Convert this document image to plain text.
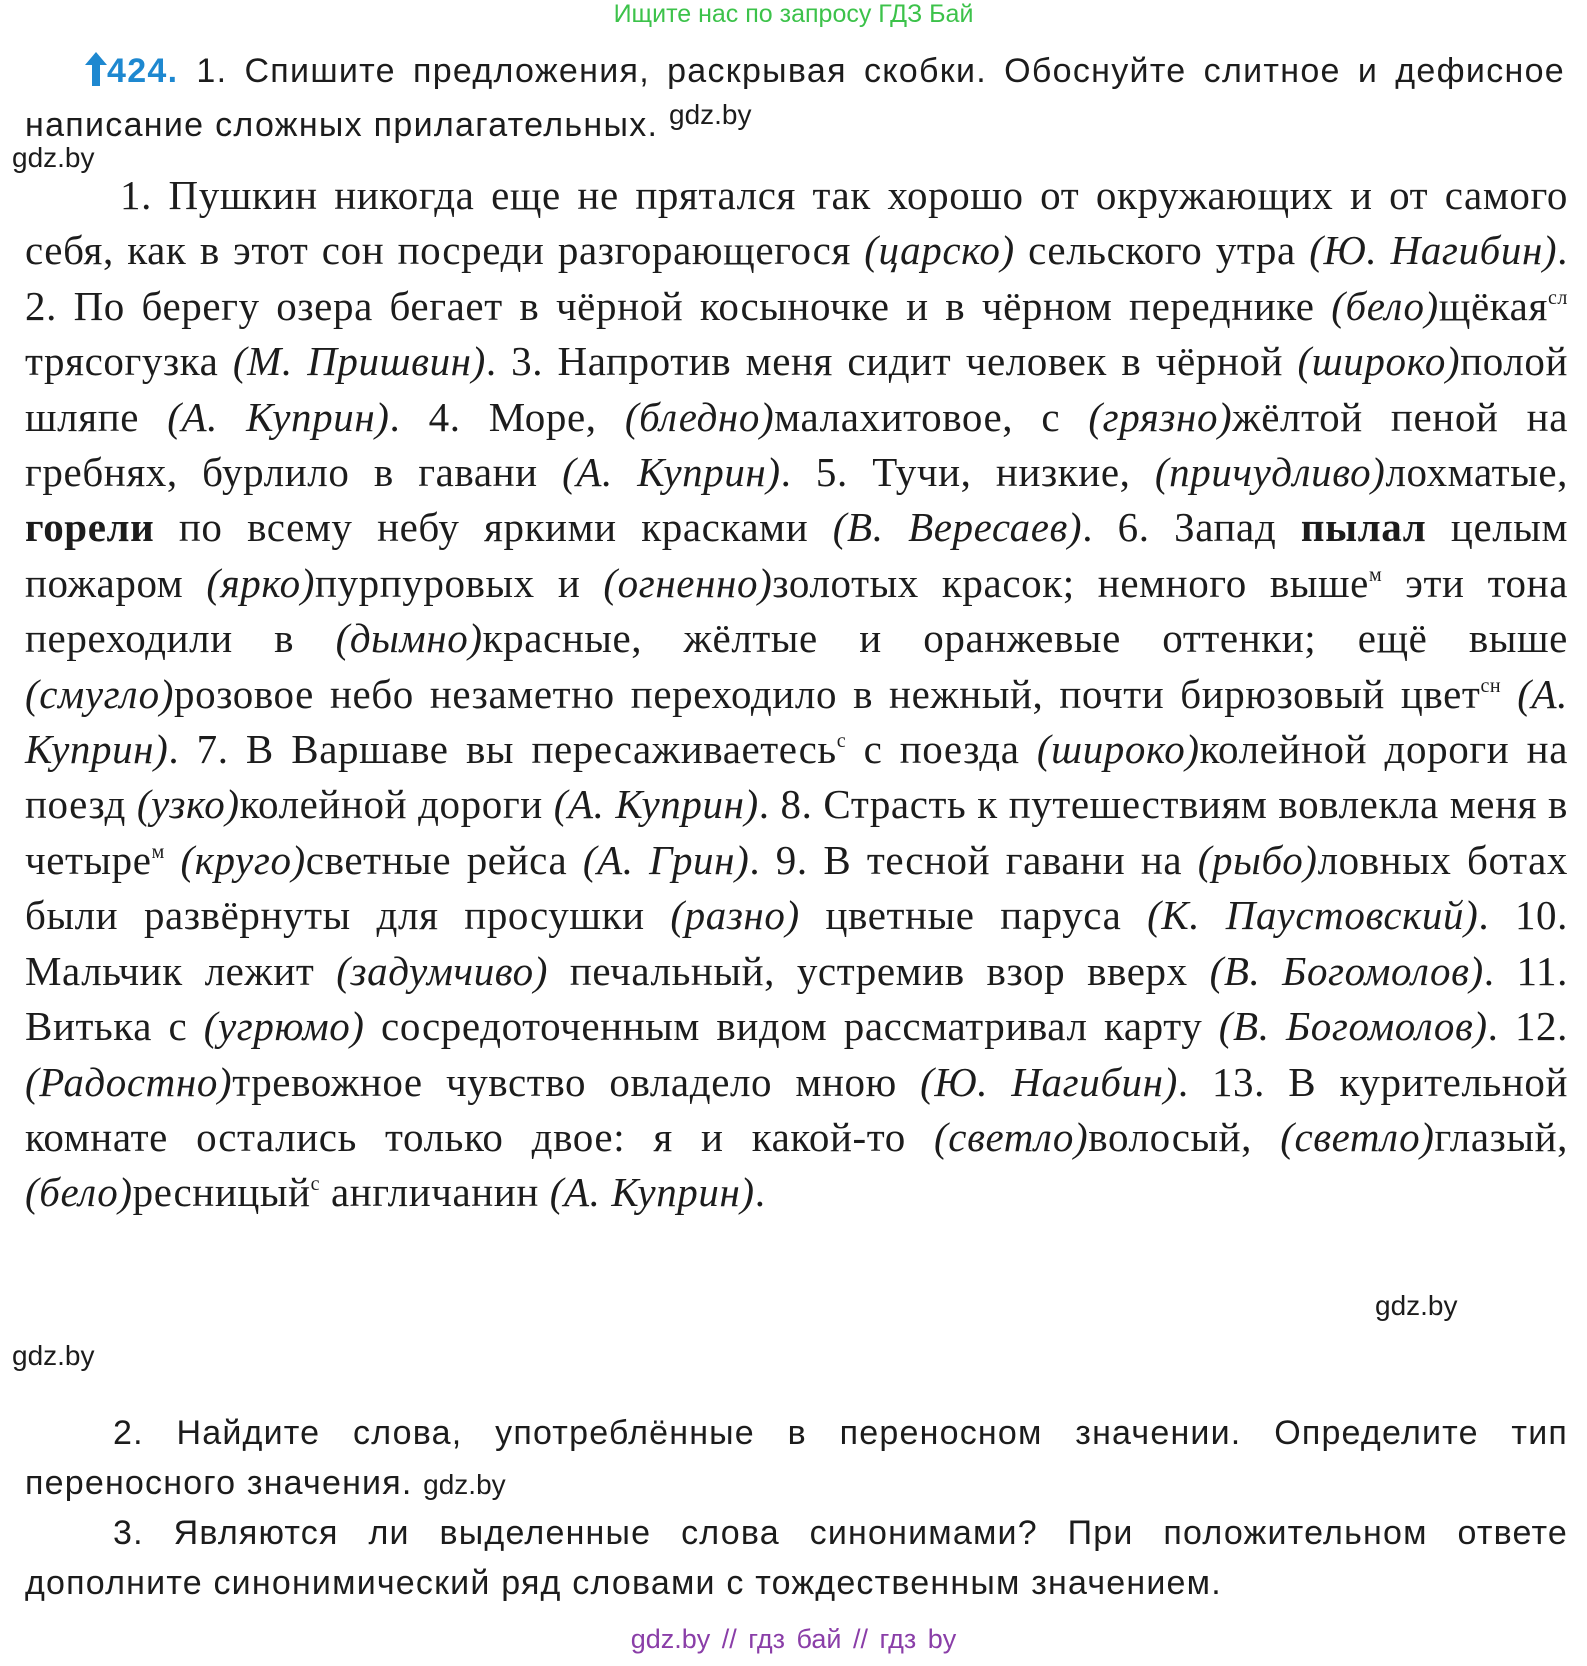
Ищите нас по запросу ГДЗ Бай
424. 1. Спишите предложения, раскрывая скобки. Обоснуйте слитное и дефисное написание сложных прилагательных. $^{gdz.by}$
gdz.by
1. Пушкин никогда еще не прятался так хорошо от окружающих и от самого себя, как в этот сон посреди разгорающегося (царско) сельского утра (Ю. Нагибин). 2. По берегу озера бегает в чёрной косыночке и в чёрном переднике (бело)щёкая$^{сл}$ трясогузка (М. Пришвин). 3. Напротив меня сидит человек в чёрной (широко)полой шляпе (А. Куприн). 4. Море, (бледно)малахитовое, с (грязно)жёлтой пеной на гребнях, бурлило в гавани (А. Куприн). 5. Тучи, низкие, (причудливо)лохматые, горели по всему небу яркими красками (В. Вересаев). 6. Запад пылал целым пожаром (ярко)пурпуровых и (огненно)золотых красок; немного выше$^м$ эти тона переходили в (дымно)красные, жёлтые и оранжевые оттенки; ещё выше (смугло)розовое небо незаметно переходило в нежный, почти бирюзовый цвет$^{сн}$ (А. Куприн). 7. В Варшаве вы пересаживаетесь$^с$ с поезда (широко)колейной дороги на поезд (узко)колейной дороги (А. Куприн). 8. Страсть к путешествиям вовлекла меня в четыре$^м$ (круго)светные рейса (А. Грин). 9. В тесной гавани на (рыбо)ловных ботах были развёрнуты для просушки (разно) цветные паруса (К. Паустовский). 10. Мальчик лежит (задумчиво) печальный, устремив взор вверх (В. Богомолов). 11. Витька с (угрюмо) сосредоточенным видом рассматривал карту (В. Богомолов). 12. (Радостно)тревожное чувство овладело мною (Ю. Нагибин). 13. В курительной комнате остались только двое: я и какой-то (светло)волосый, (светло)глазый, (бело)ресницый$^с$ англичанин (А. Куприн).
gdz.by
gdz.by
2. Найдите слова, употреблённые в переносном значении. Определите тип переносного значения. gdz.by
3. Являются ли выделенные слова синонимами? При положительном ответе дополните синонимический ряд словами с тождественным значением.
gdz.by // гдз бай // гдз by
